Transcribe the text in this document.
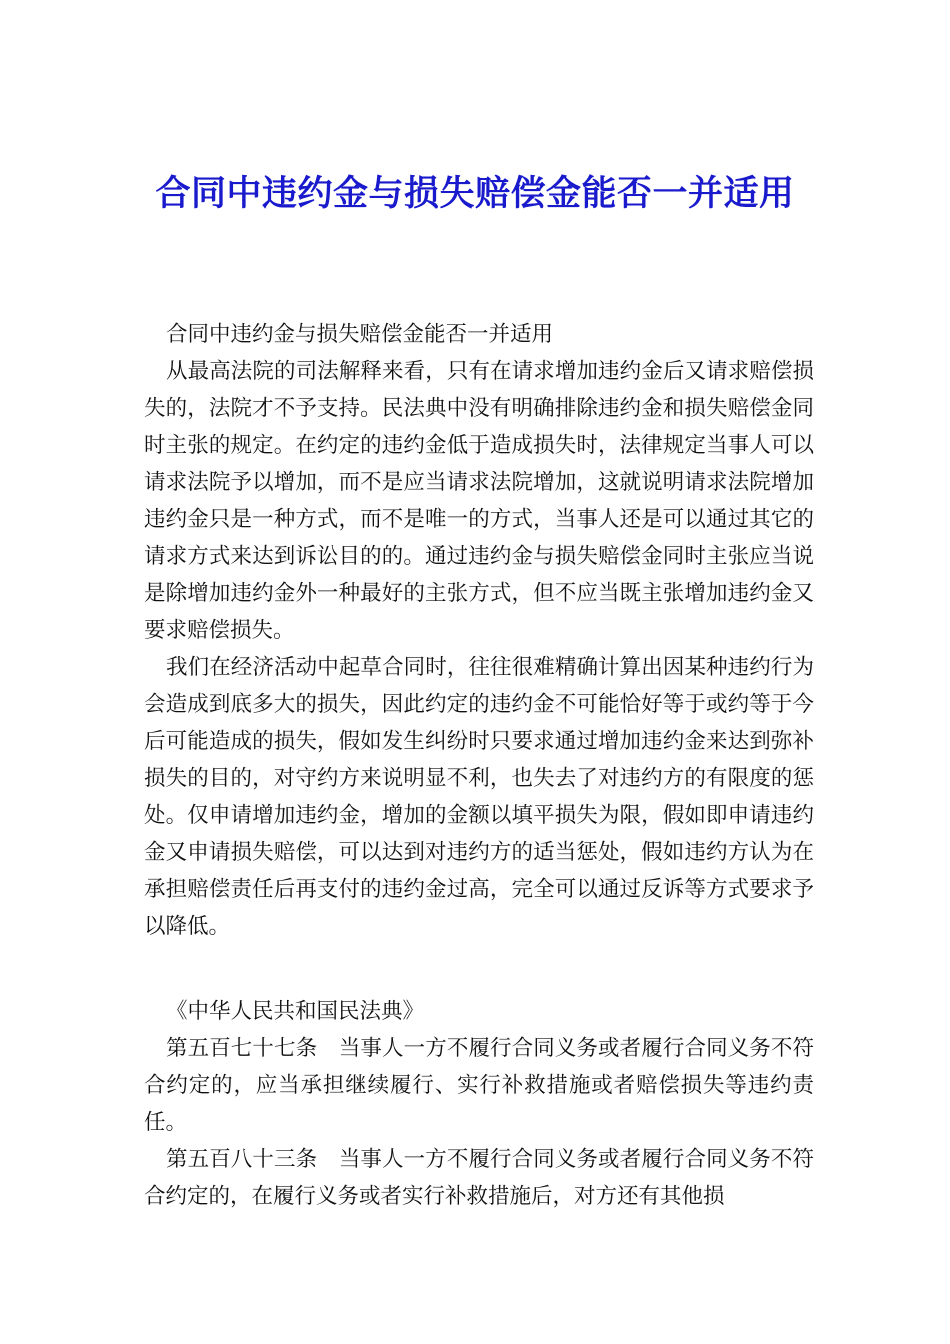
合同中违约金与损失赔偿金能否一并适用

合同中违约金与损失赔偿金能否一并适用

从最高法院的司法解释来看，只有在请求增加违约金后又请求赔偿损失的，法院才不予支持。民法典中没有明确排除违约金和损失赔偿金同时主张的规定。在约定的违约金低于造成损失时，法律规定当事人可以请求法院予以增加，而不是应当请求法院增加，这就说明请求法院增加违约金只是一种方式，而不是唯一的方式，当事人还是可以通过其它的请求方式来达到诉讼目的的。通过违约金与损失赔偿金同时主张应当说是除增加违约金外一种最好的主张方式，但不应当既主张增加违约金又要求赔偿损失。

我们在经济活动中起草合同时，往往很难精确计算出因某种违约行为会造成到底多大的损失，因此约定的违约金不可能恰好等于或约等于今后可能造成的损失，假如发生纠纷时只要求通过增加违约金来达到弥补损失的目的，对守约方来说明显不利，也失去了对违约方的有限度的惩处。仅申请增加违约金，增加的金额以填平损失为限，假如即申请违约金又申请损失赔偿，可以达到对违约方的适当惩处，假如违约方认为在承担赔偿责任后再支付的违约金过高，完全可以通过反诉等方式要求予以降低。

《中华人民共和国民法典》

第五百七十七条　当事人一方不履行合同义务或者履行合同义务不符合约定的，应当承担继续履行、实行补救措施或者赔偿损失等违约责任。

第五百八十三条　当事人一方不履行合同义务或者履行合同义务不符合约定的，在履行义务或者实行补救措施后，对方还有其他损
